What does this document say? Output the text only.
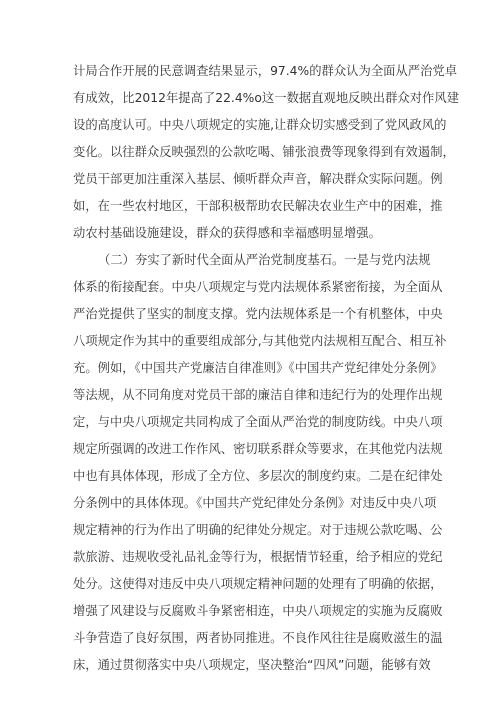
计局合作开展的民意调查结果显示，97.4%的群众认为全面从严治党卓
有成效，比2012年提高了22.4%o这一数据直观地反映出群众对作风建
设的高度认可。中央八项规定的实施,让群众切实感受到了党风政风的
变化。以往群众反映强烈的公款吃喝、铺张浪费等现象得到有效遏制，
党员干部更加注重深入基层、倾听群众声音，解决群众实际问题。例
如，在一些农村地区，干部积极帮助农民解决农业生产中的困难，推
动农村基础设施建设，群众的获得感和幸福感明显增强。
（二）夯实了新时代全面从严治党制度基石。一是与党内法规
体系的衔接配套。中央八项规定与党内法规体系紧密衔接，为全面从
严治党提供了坚实的制度支撑。党内法规体系是一个有机整体，中央
八项规定作为其中的重要组成部分,与其他党内法规相互配合、相互补
充。例如，《中国共产党廉洁自律准则》《中国共产党纪律处分条例》
等法规，从不同角度对党员干部的廉洁自律和违纪行为的处理作出规
定，与中央八项规定共同构成了全面从严治党的制度防线。中央八项
规定所强调的改进工作作风、密切联系群众等要求，在其他党内法规
中也有具体体现，形成了全方位、多层次的制度约束。二是在纪律处
分条例中的具体体现。《中国共产党纪律处分条例》对违反中央八项
规定精神的行为作出了明确的纪律处分规定。对于违规公款吃喝、公
款旅游、违规收受礼品礼金等行为，根据情节轻重，给予相应的党纪
处分。这使得对违反中央八项规定精神问题的处理有了明确的依据，
增强了风建设与反腐败斗争紧密相连，中央八项规定的实施为反腐败
斗争营造了良好氛围，两者协同推进。不良作风往往是腐败滋生的温
床，通过贯彻落实中央八项规定，坚决整治“四风”问题，能够有效
